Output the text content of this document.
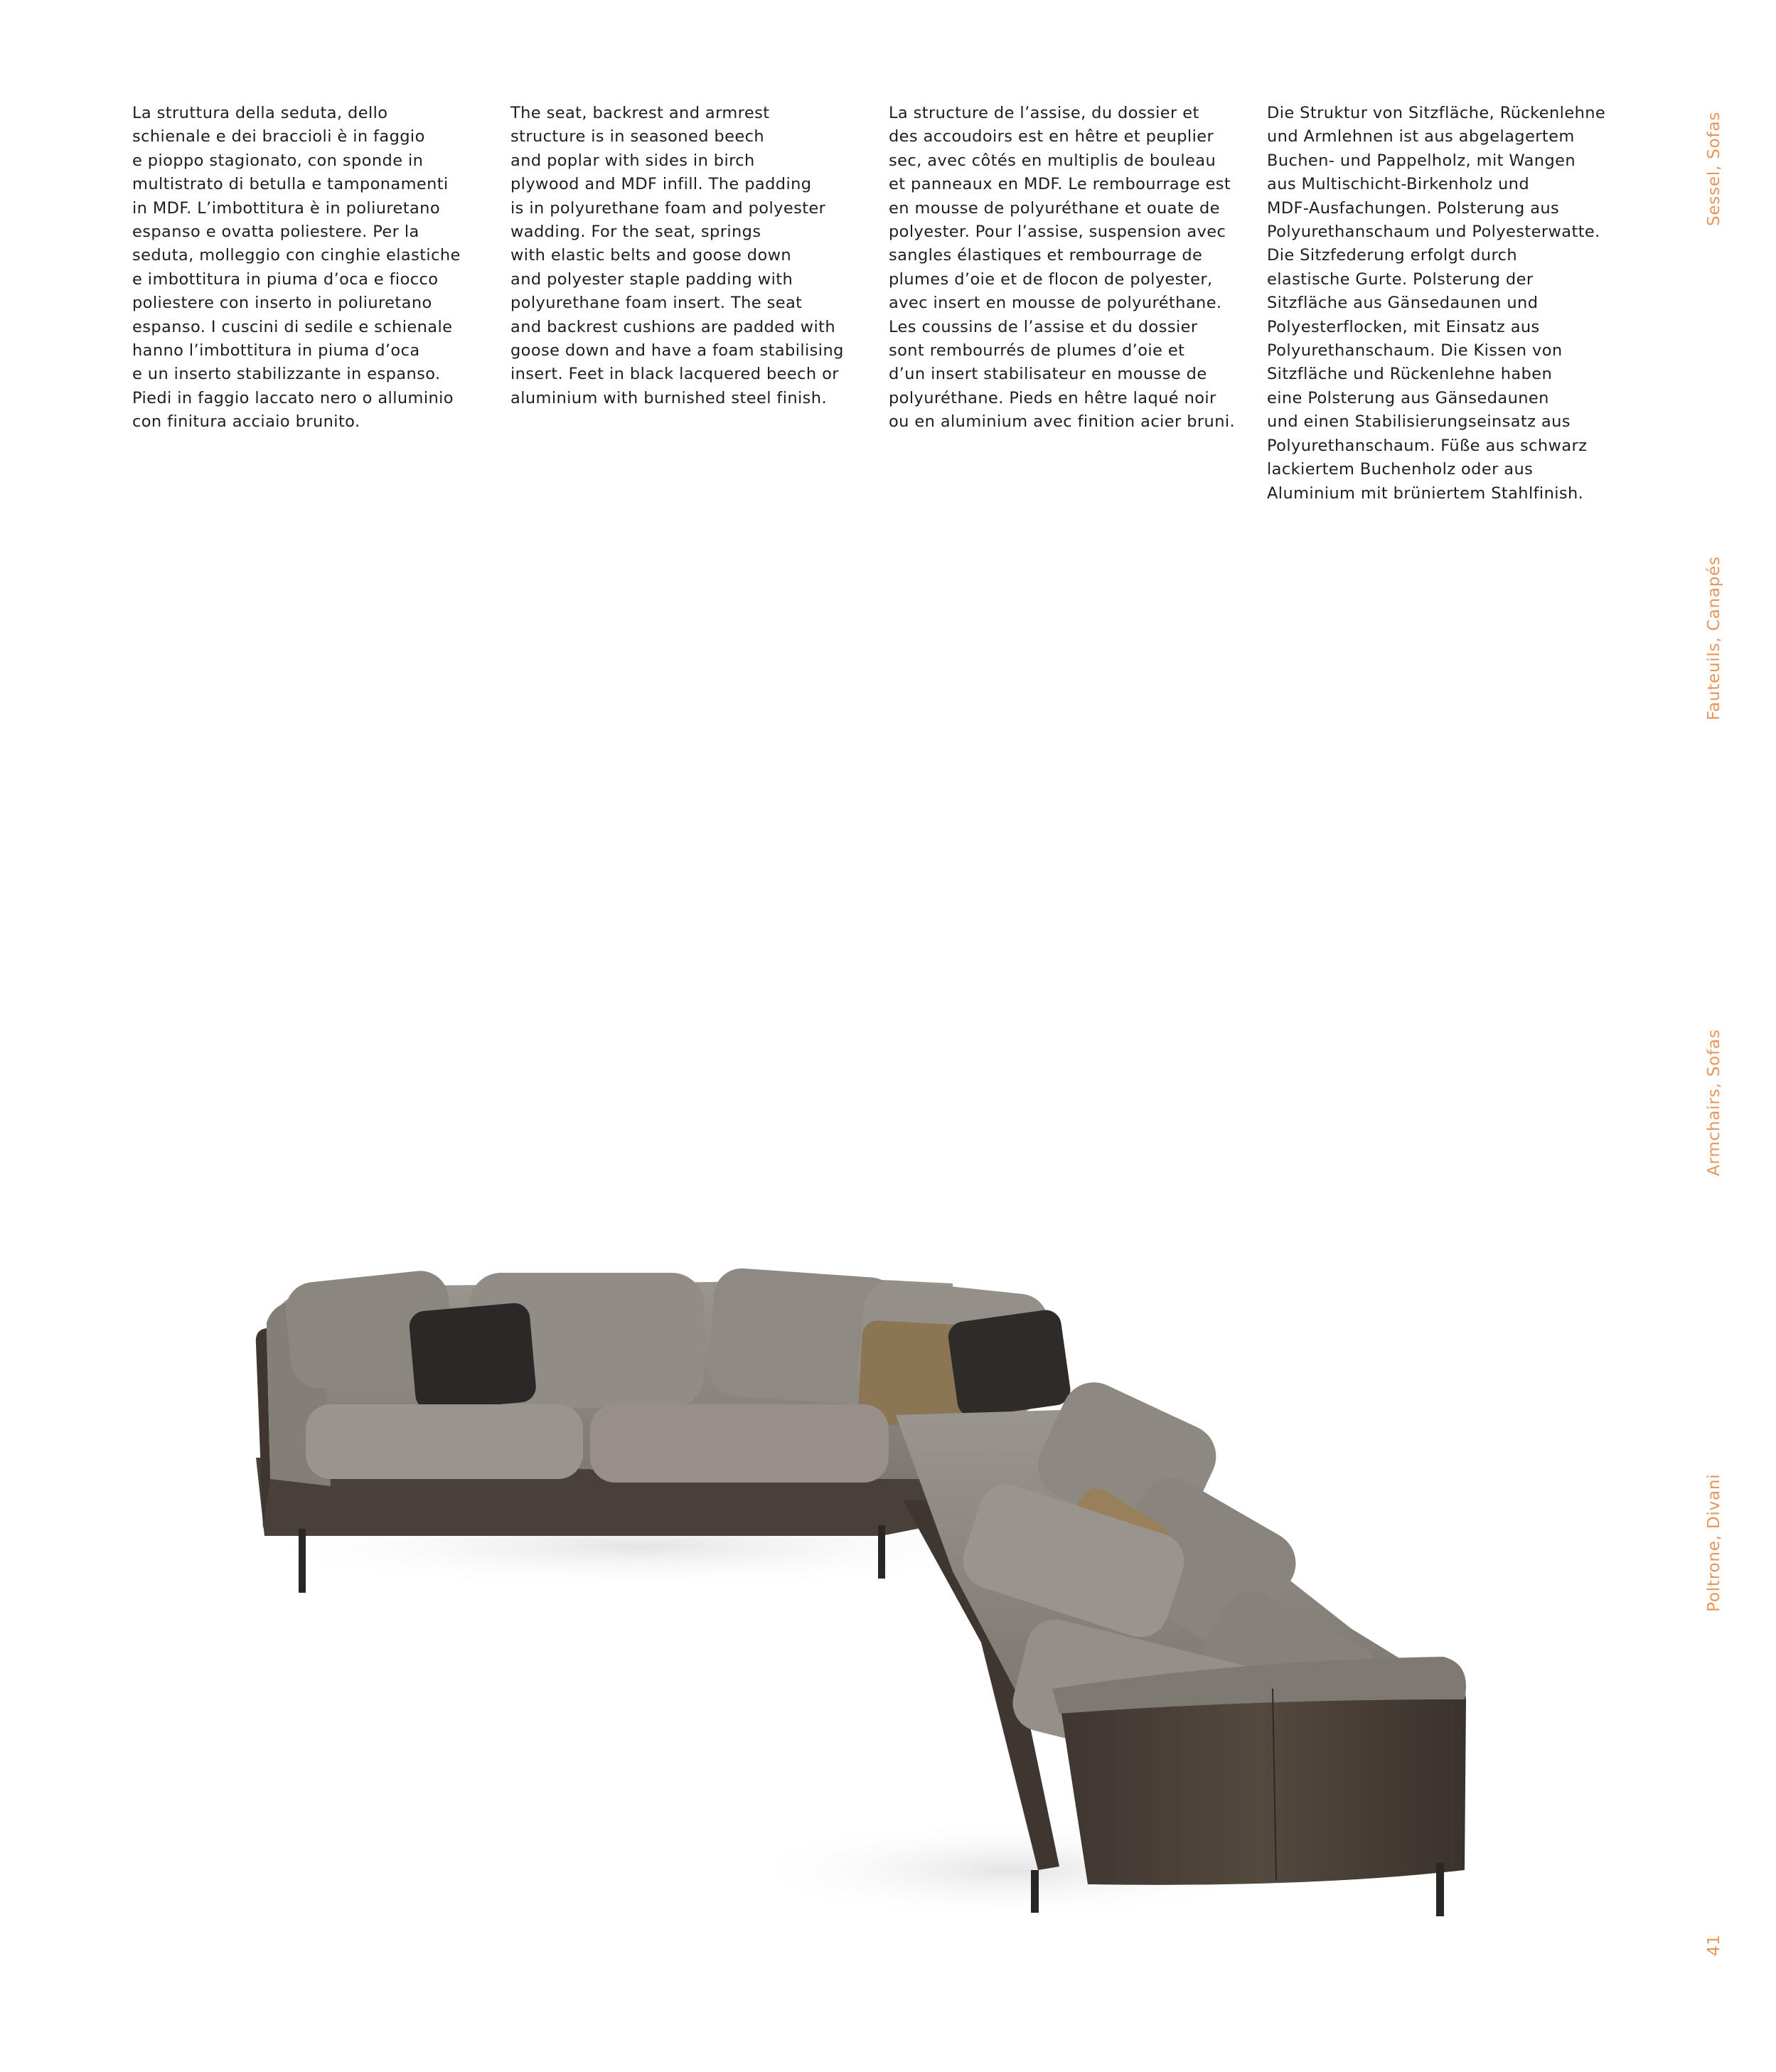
La struttura della seduta, dello
schienale e dei braccioli è in faggio
e pioppo stagionato, con sponde in
multistrato di betulla e tamponamenti
in MDF. L’imbottitura è in poliuretano
espanso e ovatta poliestere. Per la
seduta, molleggio con cinghie elastiche
e imbottitura in piuma d’oca e fiocco
poliestere con inserto in poliuretano
espanso. I cuscini di sedile e schienale
hanno l’imbottitura in piuma d’oca
e un inserto stabilizzante in espanso.
Piedi in faggio laccato nero o alluminio
con finitura acciaio brunito.

The seat, backrest and armrest
structure is in seasoned beech
and poplar with sides in birch
plywood and MDF infill. The padding
is in polyurethane foam and polyester
wadding. For the seat, springs
with elastic belts and goose down
and polyester staple padding with
polyurethane foam insert. The seat
and backrest cushions are padded with
goose down and have a foam stabilising
insert. Feet in black lacquered beech or
aluminium with burnished steel finish.

La structure de l’assise, du dossier et
des accoudoirs est en hêtre et peuplier
sec, avec côtés en multiplis de bouleau
et panneaux en MDF. Le rembourrage est
en mousse de polyuréthane et ouate de
polyester. Pour l’assise, suspension avec
sangles élastiques et rembourrage de
plumes d’oie et de flocon de polyester,
avec insert en mousse de polyuréthane.
Les coussins de l’assise et du dossier
sont rembourrés de plumes d’oie et
d’un insert stabilisateur en mousse de
polyuréthane. Pieds en hêtre laqué noir
ou en aluminium avec finition acier bruni.

Die Struktur von Sitzfläche, Rückenlehne
und Armlehnen ist aus abgelagertem
Buchen- und Pappelholz, mit Wangen
aus Multischicht-Birkenholz und
MDF-Ausfachungen. Polsterung aus
Polyurethanschaum und Polyesterwatte.
Die Sitzfederung erfolgt durch
elastische Gurte. Polsterung der
Sitzfläche aus Gänsedaunen und
Polyesterflocken, mit Einsatz aus
Polyurethanschaum. Die Kissen von
Sitzfläche und Rückenlehne haben
eine Polsterung aus Gänsedaunen
und einen Stabilisierungseinsatz aus
Polyurethanschaum. Füße aus schwarz
lackiertem Buchenholz oder aus
Aluminium mit brüniertem Stahlfinish.

Sessel, Sofas
Fauteuils, Canapés
Armchairs, Sofas
Poltrone, Divani
41
